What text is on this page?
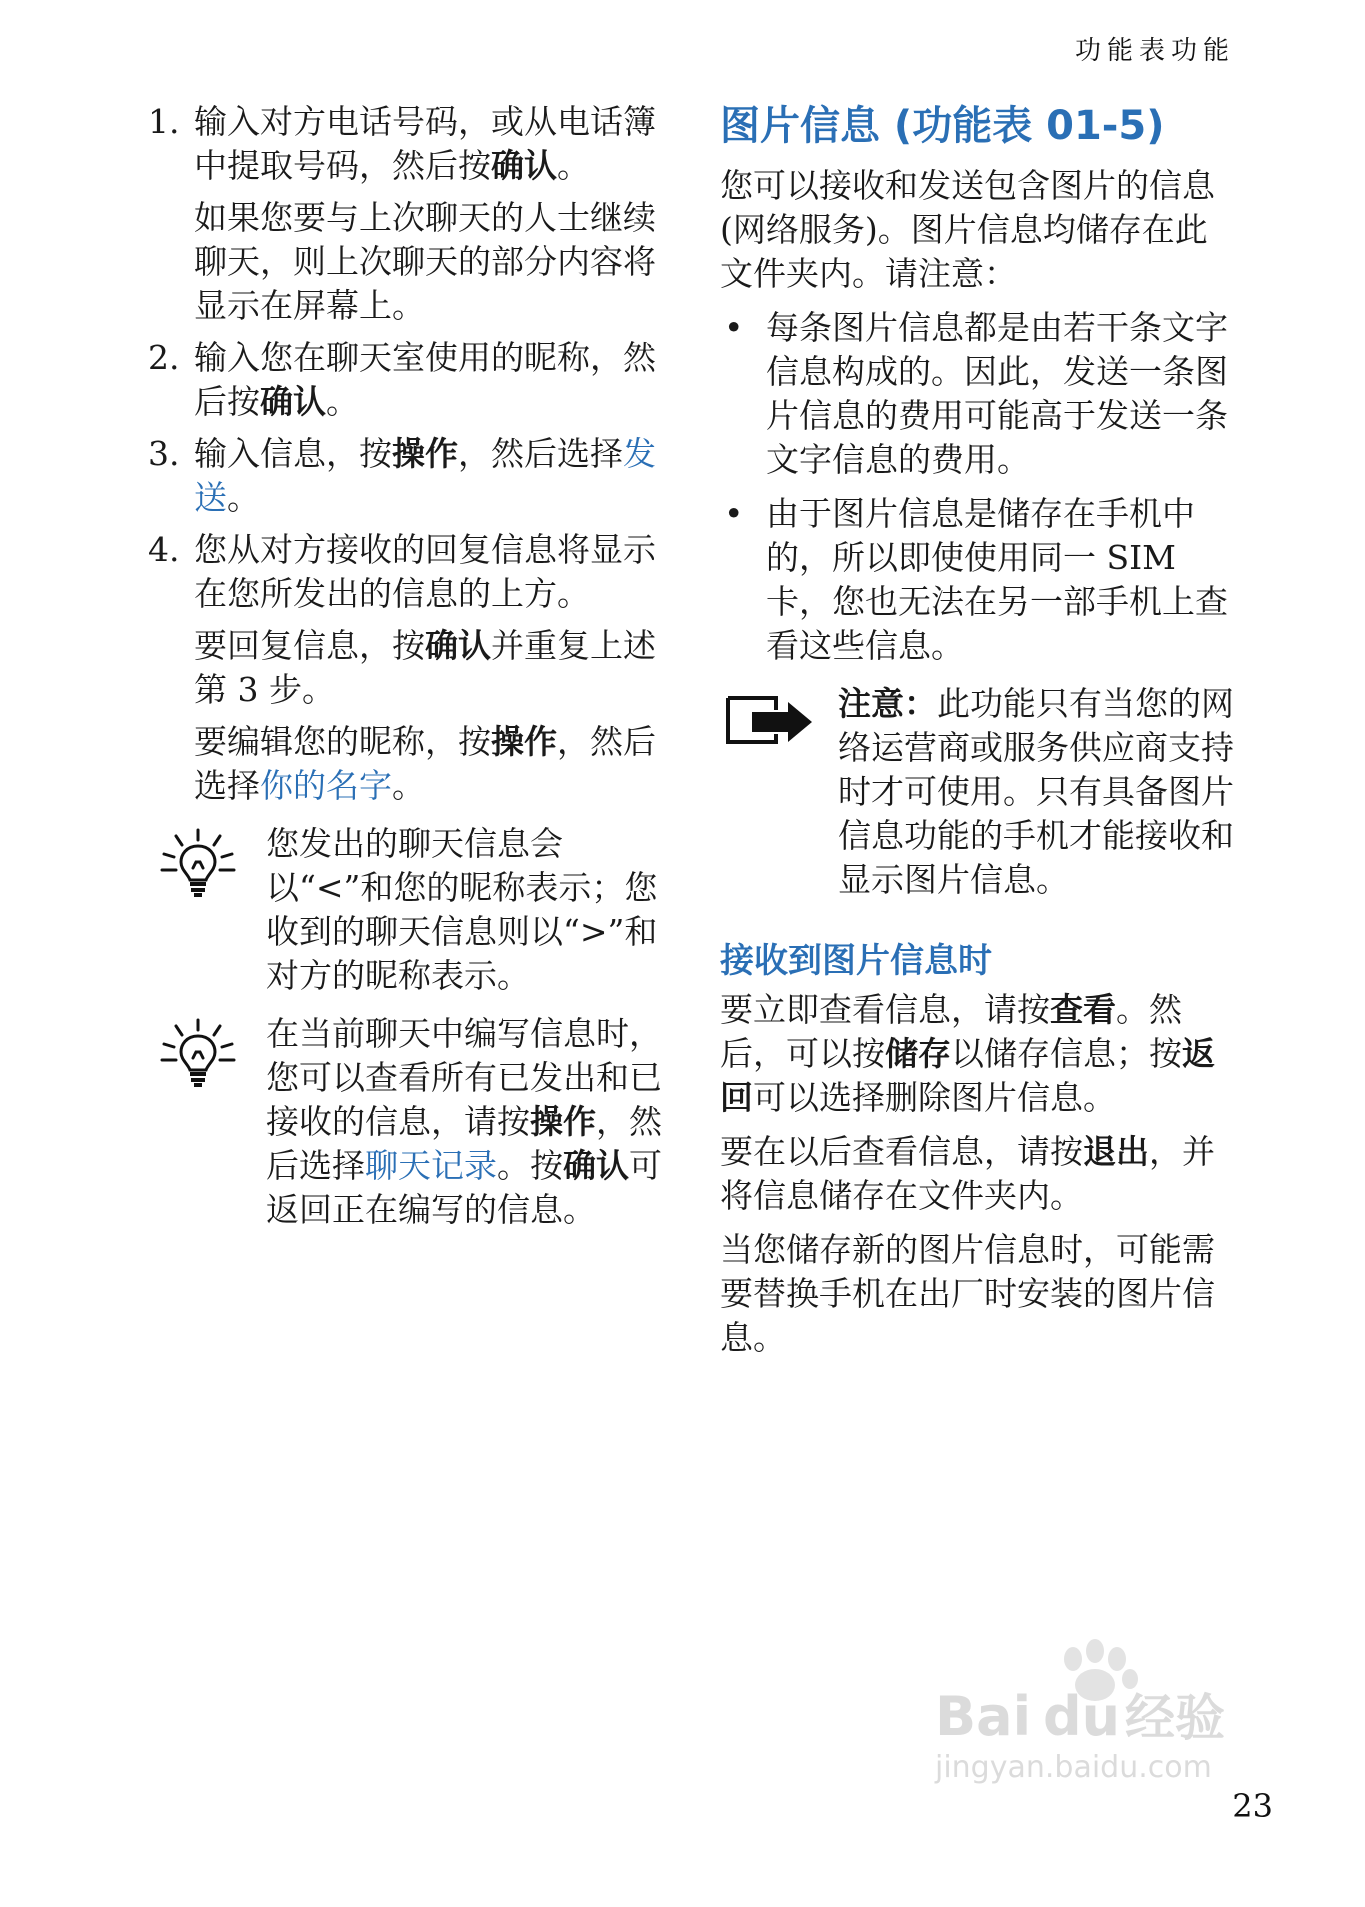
功能表功能
1. 输入对方电话号码，或从电话簿中提取号码，然后按确认。

如果您要与上次聊天的人士继续聊天，则上次聊天的部分内容将显示在屏幕上。

2. 输入您在聊天室使用的昵称，然后按确认。

3. 输入信息，按操作，然后选择发送。

4. 您从对方接收的回复信息将显示在您所发出的信息的上方。

要回复信息，按确认并重复上述第 3 步。

要编辑您的昵称，按操作，然后选择你的名字。

您发出的聊天信息会以“<”和您的昵称表示；您收到的聊天信息则以“>”和对方的昵称表示。

在当前聊天中编写信息时，您可以查看所有已发出和已接收的信息，请按操作，然后选择聊天记录。按确认可返回正在编写的信息。

图片信息 (功能表 01-5)

您可以接收和发送包含图片的信息 (网络服务)。图片信息均储存在此文件夹内。请注意：

• 每条图片信息都是由若干条文字信息构成的。因此，发送一条图片信息的费用可能高于发送一条文字信息的费用。

• 由于图片信息是储存在手机中的，所以即使使用同一 SIM 卡，您也无法在另一部手机上查看这些信息。

注意：此功能只有当您的网络运营商或服务供应商支持时才可使用。只有具备图片信息功能的手机才能接收和显示图片信息。

接收到图片信息时

要立即查看信息，请按查看。然后，可以按储存以储存信息；按返回可以选择删除图片信息。

要在以后查看信息，请按退出，并将信息储存在文件夹内。

当您储存新的图片信息时，可能需要替换手机在出厂时安装的图片信息。

Bai du 经验
jingyan.baidu.com
23
